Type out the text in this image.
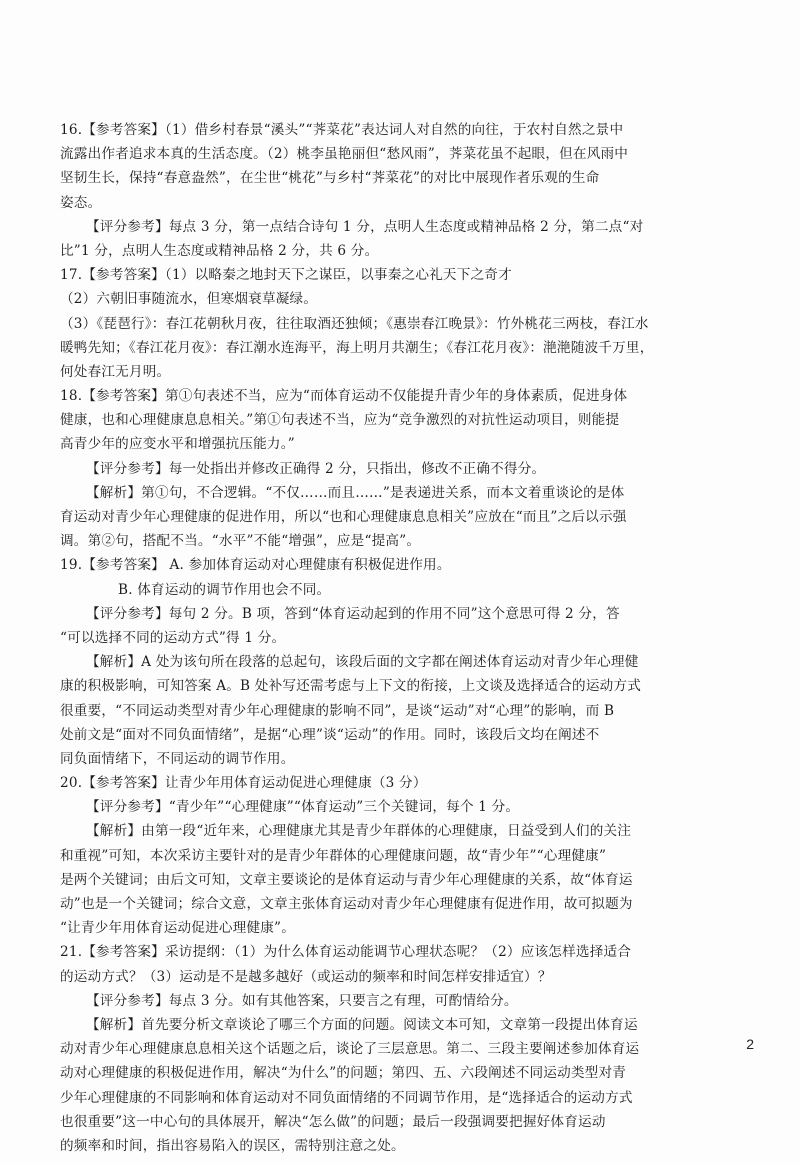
16.【参考答案】（1）借乡村春景“溪头”“荠菜花”表达词人对自然的向往，于农村自然之景中
流露出作者追求本真的生活态度。（2）桃李虽艳丽但“愁风雨”，荠菜花虽不起眼，但在风雨中
坚韧生长，保持“春意盎然”，在尘世“桃花”与乡村“荠菜花”的对比中展现作者乐观的生命
姿态。
【评分参考】每点 3 分，第一点结合诗句 1 分，点明人生态度或精神品格 2 分，第二点“对
比”1 分，点明人生态度或精神品格 2 分，共 6 分。
17.【参考答案】（1）以略秦之地封天下之谋臣，以事秦之心礼天下之奇才
（2）六朝旧事随流水，但寒烟衰草凝绿。
（3）《琵琶行》：春江花朝秋月夜，往往取酒还独倾；《惠崇春江晚景》：竹外桃花三两枝，春江水
暖鸭先知；《春江花月夜》：春江潮水连海平，海上明月共潮生；《春江花月夜》：滟滟随波千万里，
何处春江无月明。
18.【参考答案】第①句表述不当，应为“而体育运动不仅能提升青少年的身体素质，促进身体
健康，也和心理健康息息相关。”第①句表述不当，应为“竞争激烈的对抗性运动项目，则能提
高青少年的应变水平和增强抗压能力。”
【评分参考】每一处指出并修改正确得 2 分，只指出，修改不正确不得分。
【解析】第①句，不合逻辑。“不仅……而且……”是表递进关系，而本文着重谈论的是体
育运动对青少年心理健康的促进作用，所以“也和心理健康息息相关”应放在“而且”之后以示强
调。第②句，搭配不当。“水平”不能“增强”，应是“提高”。
19.【参考答案】 A. 参加体育运动对心理健康有积极促进作用。
B. 体育运动的调节作用也会不同。
【评分参考】每句 2 分。B 项，答到“体育运动起到的作用不同”这个意思可得 2 分，答
“可以选择不同的运动方式”得 1 分。
【解析】A 处为该句所在段落的总起句，该段后面的文字都在阐述体育运动对青少年心理健
康的积极影响，可知答案 A。B 处补写还需考虑与上下文的衔接，上文谈及选择适合的运动方式
很重要，“不同运动类型对青少年心理健康的影响不同”，是谈“运动”对“心理”的影响，而 B
处前文是“面对不同负面情绪”，是据“心理”谈“运动”的作用。同时，该段后文均在阐述不
同负面情绪下，不同运动的调节作用。
20.【参考答案】让青少年用体育运动促进心理健康（3 分）
【评分参考】“青少年”“心理健康”“体育运动”三个关键词，每个 1 分。
【解析】由第一段“近年来，心理健康尤其是青少年群体的心理健康，日益受到人们的关注
和重视”可知，本次采访主要针对的是青少年群体的心理健康问题，故“青少年”“心理健康”
是两个关键词；由后文可知，文章主要谈论的是体育运动与青少年心理健康的关系，故“体育运
动”也是一个关键词；综合文意，文章主张体育运动对青少年心理健康有促进作用，故可拟题为
“让青少年用体育运动促进心理健康”。
21.【参考答案】采访提纲：（1）为什么体育运动能调节心理状态呢？（2）应该怎样选择适合
的运动方式？（3）运动是不是越多越好（或运动的频率和时间怎样安排适宜）？
【评分参考】每点 3 分。如有其他答案，只要言之有理，可酌情给分。
【解析】首先要分析文章谈论了哪三个方面的问题。阅读文本可知，文章第一段提出体育运
动对青少年心理健康息息相关这个话题之后，谈论了三层意思。第二、三段主要阐述参加体育运
动对心理健康的积极促进作用，解决“为什么”的问题；第四、五、六段阐述不同运动类型对青
少年心理健康的不同影响和体育运动对不同负面情绪的不同调节作用，是“选择适合的运动方式
也很重要”这一中心句的具体展开，解决“怎么做”的问题；最后一段强调要把握好体育运动
的频率和时间，指出容易陷入的误区，需特别注意之处。
2
